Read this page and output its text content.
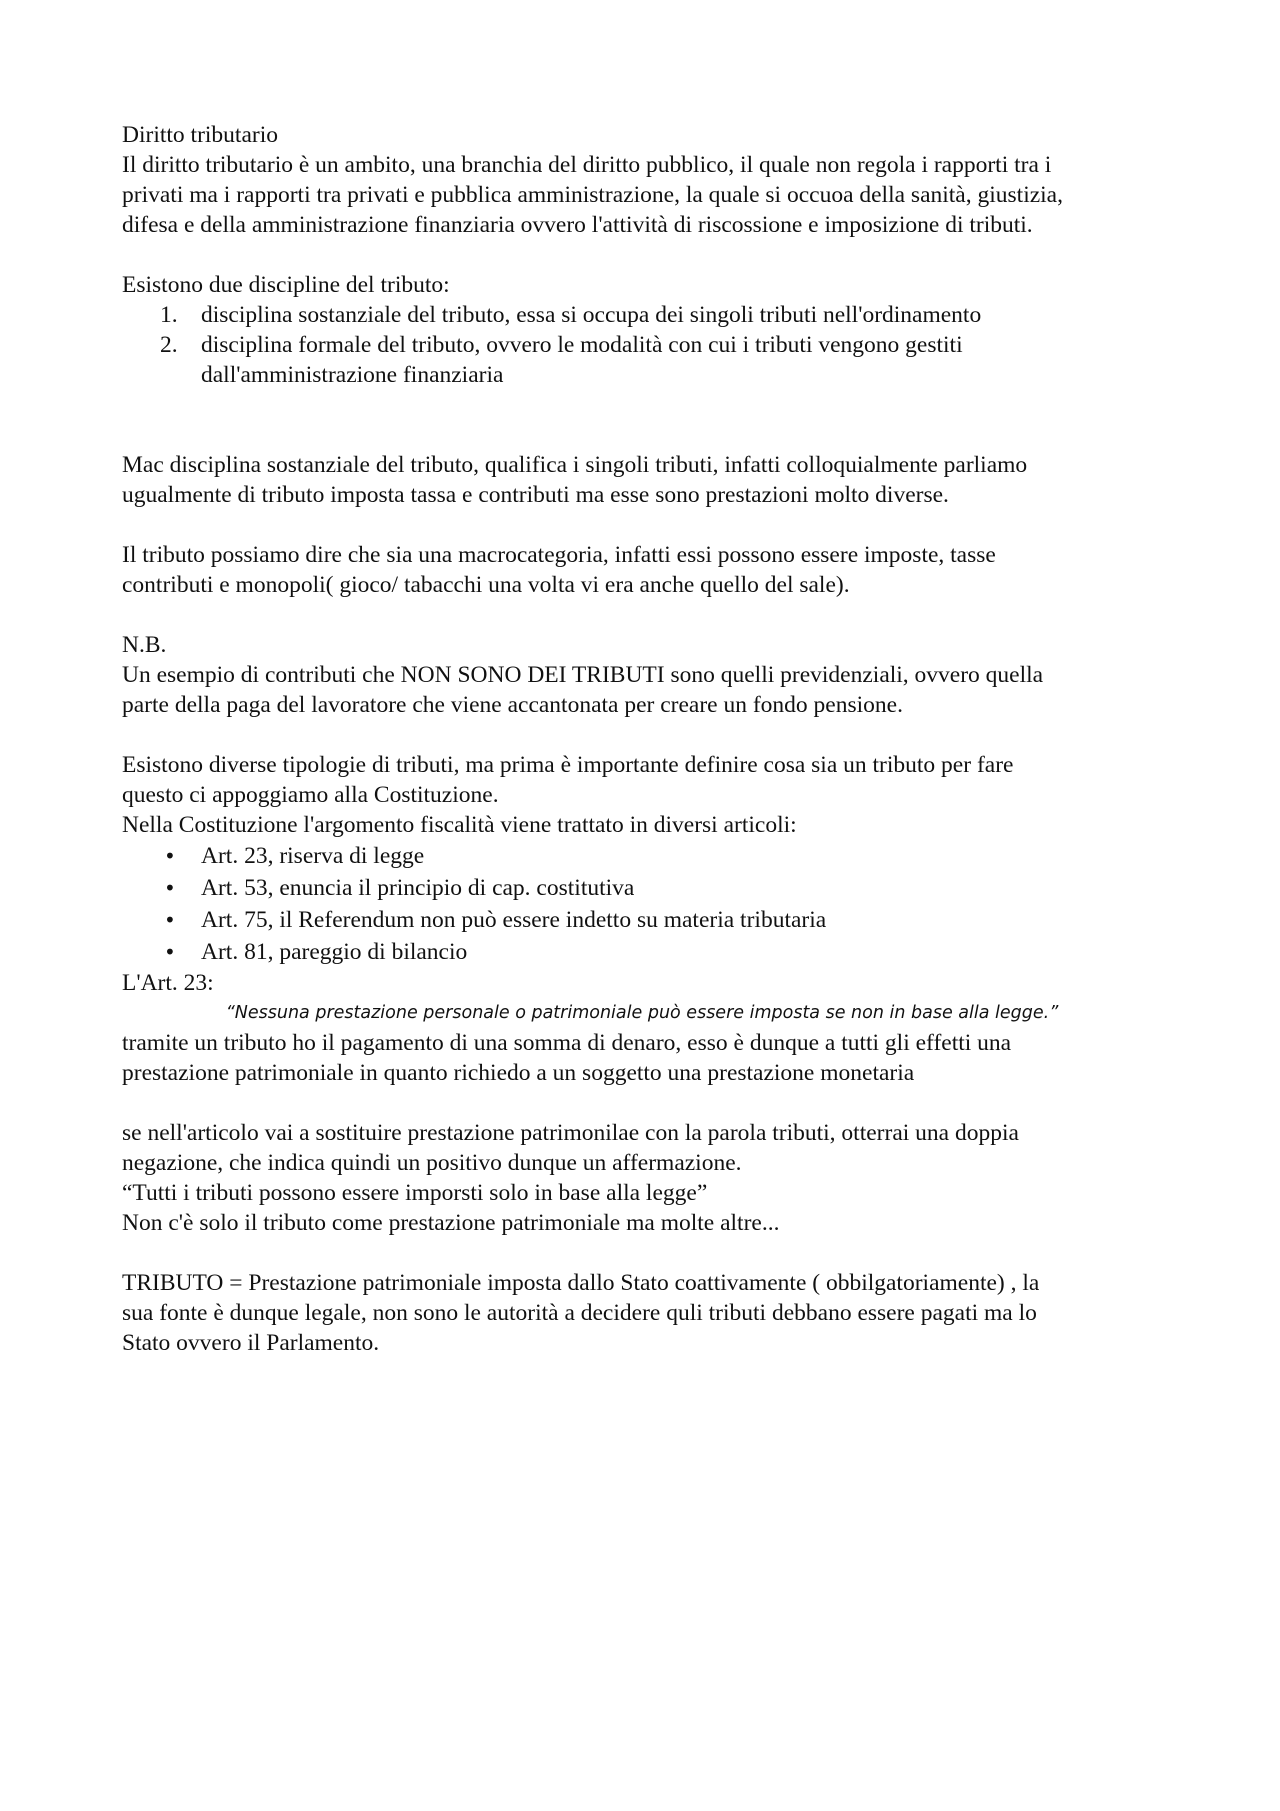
Diritto tributario

Il diritto tributario è un ambito, una branchia del diritto pubblico, il quale non regola i rapporti tra i

privati ma i rapporti tra privati e pubblica amministrazione, la quale si occuoa della sanità, giustizia,

difesa e della amministrazione finanziaria ovvero l'attività di riscossione e imposizione di tributi.

Esistono due discipline del tributo:

1. disciplina sostanziale del tributo, essa si occupa dei singoli tributi nell'ordinamento
2. disciplina formale del tributo, ovvero le modalità con cui i tributi vengono gestiti
dall'amministrazione finanziaria

Mac disciplina sostanziale del tributo, qualifica i singoli tributi, infatti colloquialmente parliamo

ugualmente di tributo imposta tassa e contributi ma esse sono prestazioni molto diverse.

Il tributo possiamo dire che sia una macrocategoria, infatti essi possono essere imposte, tasse

contributi e monopoli( gioco/ tabacchi una volta vi era anche quello del sale).

N.B.

Un esempio di contributi che NON SONO DEI TRIBUTI sono quelli previdenziali, ovvero quella

parte della paga del lavoratore che viene accantonata per creare un fondo pensione.

Esistono diverse tipologie di tributi, ma prima è importante definire cosa sia un tributo per fare

questo ci appoggiamo alla Costituzione.

Nella Costituzione l'argomento fiscalità viene trattato in diversi articoli:

• Art. 23, riserva di legge
• Art. 53, enuncia il principio di cap. costitutiva
• Art. 75, il Referendum non può essere indetto su materia tributaria
• Art. 81, pareggio di bilancio

L'Art. 23:

“Nessuna prestazione personale o patrimoniale può essere imposta se non in base alla legge.”

tramite un tributo ho il pagamento di una somma di denaro, esso è dunque a tutti gli effetti una

prestazione patrimoniale in quanto richiedo a un soggetto una prestazione monetaria

se nell'articolo vai a sostituire prestazione patrimonilae con la parola tributi, otterrai una doppia

negazione, che indica quindi un positivo dunque un affermazione.

“Tutti i tributi possono essere imporsti solo in base alla legge”

Non c'è solo il tributo come prestazione patrimoniale ma molte altre...

TRIBUTO = Prestazione patrimoniale imposta dallo Stato coattivamente ( obbilgatoriamente) , la

sua fonte è dunque legale, non sono le autorità a decidere quli tributi debbano essere pagati ma lo

Stato ovvero il Parlamento.
